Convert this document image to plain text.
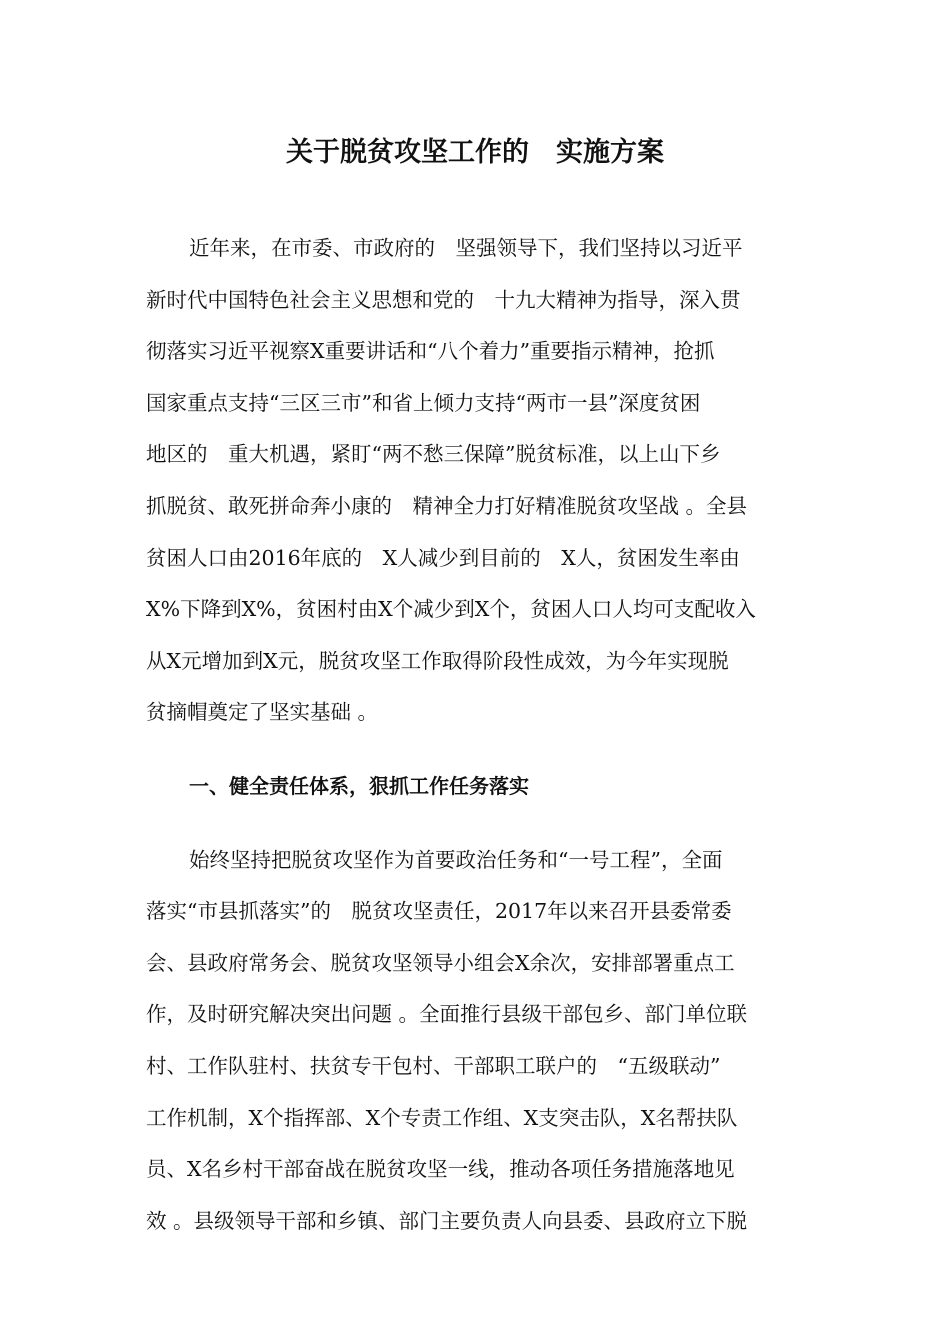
关于脱贫攻坚工作的　实施方案
近年来，在市委、市政府的　坚强领导下，我们坚持以习近平
新时代中国特色社会主义思想和党的　十九大精神为指导，深入贯
彻落实习近平视察X重要讲话和“八个着力”重要指示精神，抢抓
国家重点支持“三区三市”和省上倾力支持“两市一县”深度贫困
地区的　重大机遇，紧盯“两不愁三保障”脱贫标准，以上山下乡
抓脱贫、敢死拼命奔小康的　精神全力打好精准脱贫攻坚战 。全县
贫困人口由2016年底的　X人减少到目前的　X人，贫困发生率由
X%下降到X%，贫困村由X个减少到X个，贫困人口人均可支配收入
从X元增加到X元，脱贫攻坚工作取得阶段性成效，为今年实现脱
贫摘帽奠定了坚实基础 。
一、健全责任体系，狠抓工作任务落实
始终坚持把脱贫攻坚作为首要政治任务和“一号工程”，全面
落实“市县抓落实”的　脱贫攻坚责任，2017年以来召开县委常委
会、县政府常务会、脱贫攻坚领导小组会X余次，安排部署重点工
作，及时研究解决突出问题 。全面推行县级干部包乡、部门单位联
村、工作队驻村、扶贫专干包村、干部职工联户的　“五级联动”
工作机制，X个指挥部、X个专责工作组、X支突击队，X名帮扶队
员、X名乡村干部奋战在脱贫攻坚一线，推动各项任务措施落地见
效 。县级领导干部和乡镇、部门主要负责人向县委、县政府立下脱
